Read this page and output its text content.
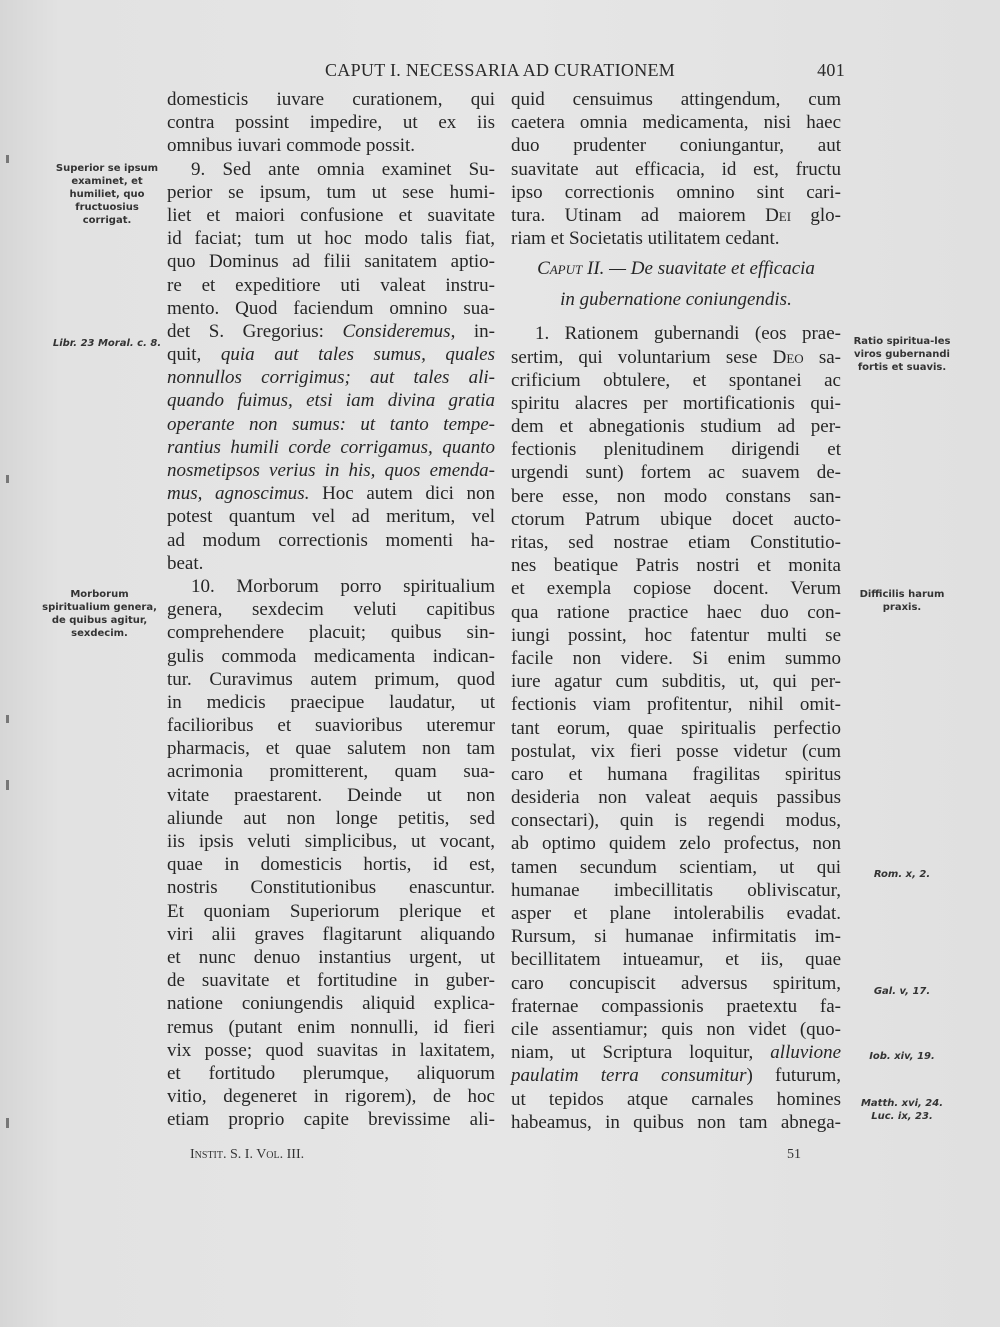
CAPUT I. NECESSARIA AD CURATIONEM	401
Superior se ipsum examinet, et humiliet, quo fructuosius corrigat.
Libr. 23 Moral. c. 8.
Morborum spiritualium genera, de quibus agitur, sexdecim.
Ratio spiritua-les viros gubernandi fortis et suavis.
Difficilis harum praxis.
Rom. x, 2.
Gal. v, 17.
Iob. xiv, 19.
Matth. xvi, 24. Luc. ix, 23.
domesticis iuvare curationem, qui
contra possint impedire, ut ex iis
omnibus iuvari commode possit.
9. Sed ante omnia examinet Su-
perior se ipsum, tum ut sese humi-
liet et maiori confusione et suavitate
id faciat; tum ut hoc modo talis fiat,
quo Dominus ad filii sanitatem aptio-
re et expeditiore uti valeat instru-
mento. Quod faciendum omnino sua-
det S. Gregorius: Consideremus, in-
quit, quia aut tales sumus, quales
nonnullos corrigimus; aut tales ali-
quando fuimus, etsi iam divina gratia
operante non sumus: ut tanto tempe-
rantius humili corde corrigamus, quanto
nosmetipsos verius in his, quos emenda-
mus, agnoscimus. Hoc autem dici non
potest quantum vel ad meritum, vel
ad modum correctionis momenti ha-
beat.
10. Morborum porro spiritualium
genera, sexdecim veluti capitibus
comprehendere placuit; quibus sin-
gulis commoda medicamenta indican-
tur. Curavimus autem primum, quod
in medicis praecipue laudatur, ut
facilioribus et suavioribus uteremur
pharmacis, et quae salutem non tam
acrimonia promitterent, quam sua-
vitate praestarent. Deinde ut non
aliunde aut non longe petitis, sed
iis ipsis veluti simplicibus, ut vocant,
quae in domesticis hortis, id est,
nostris Constitutionibus enascuntur.
Et quoniam Superiorum plerique et
viri alii graves flagitarunt aliquando
et nunc denuo instantius urgent, ut
de suavitate et fortitudine in guber-
natione coniungendis aliquid explica-
remus (putant enim nonnulli, id fieri
vix posse; quod suavitas in laxitatem,
et fortitudo plerumque, aliquorum
vitio, degeneret in rigorem), de hoc
etiam proprio capite brevissime ali-
quid censuimus attingendum, cum
caetera omnia medicamenta, nisi haec
duo prudenter coniungantur, aut
suavitate aut efficacia, id est, fructu
ipso correctionis omnino sint cari-
tura. Utinam ad maiorem Dei glo-
riam et Societatis utilitatem cedant.
Caput II. — De suavitate et efficacia
in gubernatione coniungendis.
1. Rationem gubernandi (eos prae-
sertim, qui voluntarium sese Deo sa-
crificium obtulere, et spontanei ac
spiritu alacres per mortificationis qui-
dem et abnegationis studium ad per-
fectionis plenitudinem dirigendi et
urgendi sunt) fortem ac suavem de-
bere esse, non modo constans san-
ctorum Patrum ubique docet aucto-
ritas, sed nostrae etiam Constitutio-
nes beatique Patris nostri et monita
et exempla copiose docent. Verum
qua ratione practice haec duo con-
iungi possint, hoc fatentur multi se
facile non videre. Si enim summo
iure agatur cum subditis, ut, qui per-
fectionis viam profitentur, nihil omit-
tant eorum, quae spiritualis perfectio
postulat, vix fieri posse videtur (cum
caro et humana fragilitas spiritus
desideria non valeat aequis passibus
consectari), quin is regendi modus,
ab optimo quidem zelo profectus, non
tamen secundum scientiam, ut qui
humanae imbecillitatis obliviscatur,
asper et plane intolerabilis evadat.
Rursum, si humanae infirmitatis im-
becillitatem intueamur, et iis, quae
caro concupiscit adversus spiritum,
fraternae compassionis praetextu fa-
cile assentiamur; quis non videt (quo-
niam, ut Scriptura loquitur, alluvione
paulatim terra consumitur) futurum,
ut tepidos atque carnales homines
habeamus, in quibus non tam abnega-
Instit. S. I. Vol. III.	51
